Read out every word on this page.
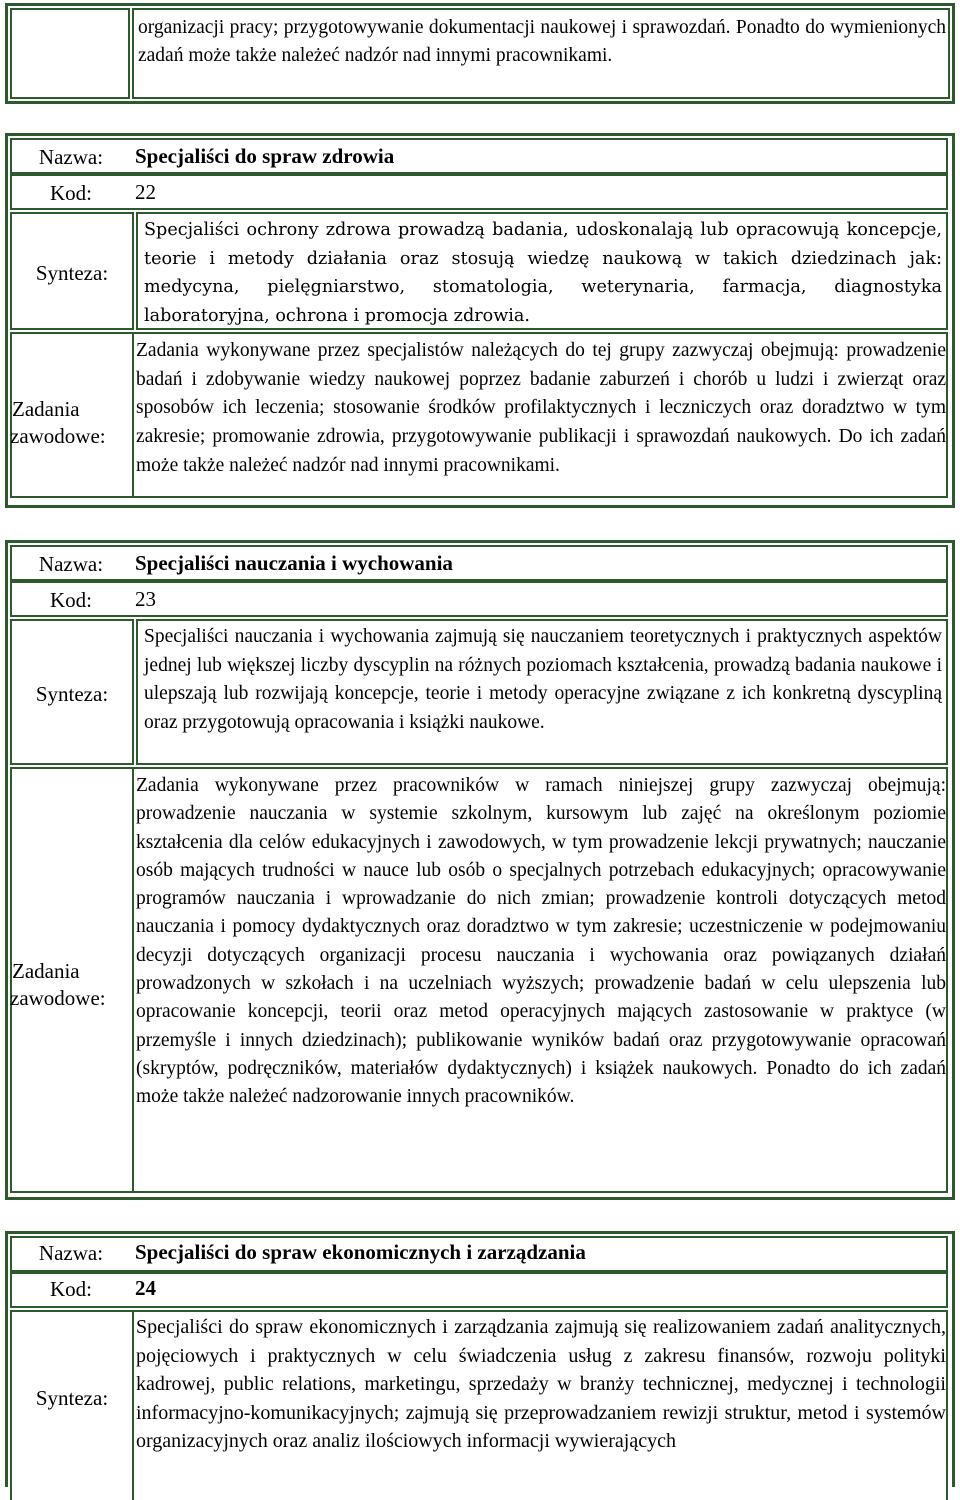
organizacji pracy; przygotowywanie dokumentacji naukowej i sprawozdań. Ponadto do wymienionych zadań może także należeć nadzór nad innymi pracownikami.
Nazwa:	Specjaliści do spraw zdrowia
Kod:	22
Synteza:
Specjaliści ochrony zdrowa prowadzą badania, udoskonalają lub opracowują koncepcje, teorie i metody działania oraz stosują wiedzę naukową w takich dziedzinach jak: medycyna, pielęgniarstwo, stomatologia, weterynaria, farmacja, diagnostyka laboratoryjna, ochrona i promocja zdrowia.
Zadania
zawodowe:
Zadania wykonywane przez specjalistów należących do tej grupy zazwyczaj obejmują: prowadzenie badań i zdobywanie wiedzy naukowej poprzez badanie zaburzeń i chorób u ludzi i zwierząt oraz sposobów ich leczenia; stosowanie środków profilaktycznych i leczniczych oraz doradztwo w tym zakresie; promowanie zdrowia, przygotowywanie publikacji i sprawozdań naukowych. Do ich zadań może także należeć nadzór nad innymi pracownikami.
Nazwa:	Specjaliści nauczania i wychowania
Kod:	23
Synteza:
Specjaliści nauczania i wychowania zajmują się nauczaniem teoretycznych i praktycznych aspektów jednej lub większej liczby dyscyplin na różnych poziomach kształcenia, prowadzą badania naukowe i ulepszają lub rozwijają koncepcje, teorie i metody operacyjne związane z ich konkretną dyscypliną oraz przygotowują opracowania i książki naukowe.
Zadania
zawodowe:
Zadania wykonywane przez pracowników w ramach niniejszej grupy zazwyczaj obejmują: prowadzenie nauczania w systemie szkolnym, kursowym lub zajęć na określonym poziomie kształcenia dla celów edukacyjnych i zawodowych, w tym prowadzenie lekcji prywatnych; nauczanie osób mających trudności w nauce lub osób o specjalnych potrzebach edukacyjnych; opracowywanie programów nauczania i wprowadzanie do nich zmian; prowadzenie kontroli dotyczących metod nauczania i pomocy dydaktycznych oraz doradztwo w tym zakresie; uczestniczenie w podejmowaniu decyzji dotyczących organizacji procesu nauczania i wychowania oraz powiązanych działań prowadzonych w szkołach i na uczelniach wyższych; prowadzenie badań w celu ulepszenia lub opracowanie koncepcji, teorii oraz metod operacyjnych mających zastosowanie w praktyce (w przemyśle i innych dziedzinach); publikowanie wyników badań oraz przygotowywanie opracowań (skryptów, podręczników, materiałów dydaktycznych) i książek naukowych. Ponadto do ich zadań może także należeć nadzorowanie innych pracowników.
Nazwa:	Specjaliści do spraw ekonomicznych i zarządzania
Kod:	24
Synteza:
Specjaliści do spraw ekonomicznych i zarządzania zajmują się realizowaniem zadań analitycznych, pojęciowych i praktycznych w celu świadczenia usług z zakresu finansów, rozwoju polityki kadrowej, public relations, marketingu, sprzedaży w branży technicznej, medycznej i technologii informacyjno-komunikacyjnych; zajmują się przeprowadzaniem rewizji struktur, metod i systemów organizacyjnych oraz analiz ilościowych informacji wywierających
